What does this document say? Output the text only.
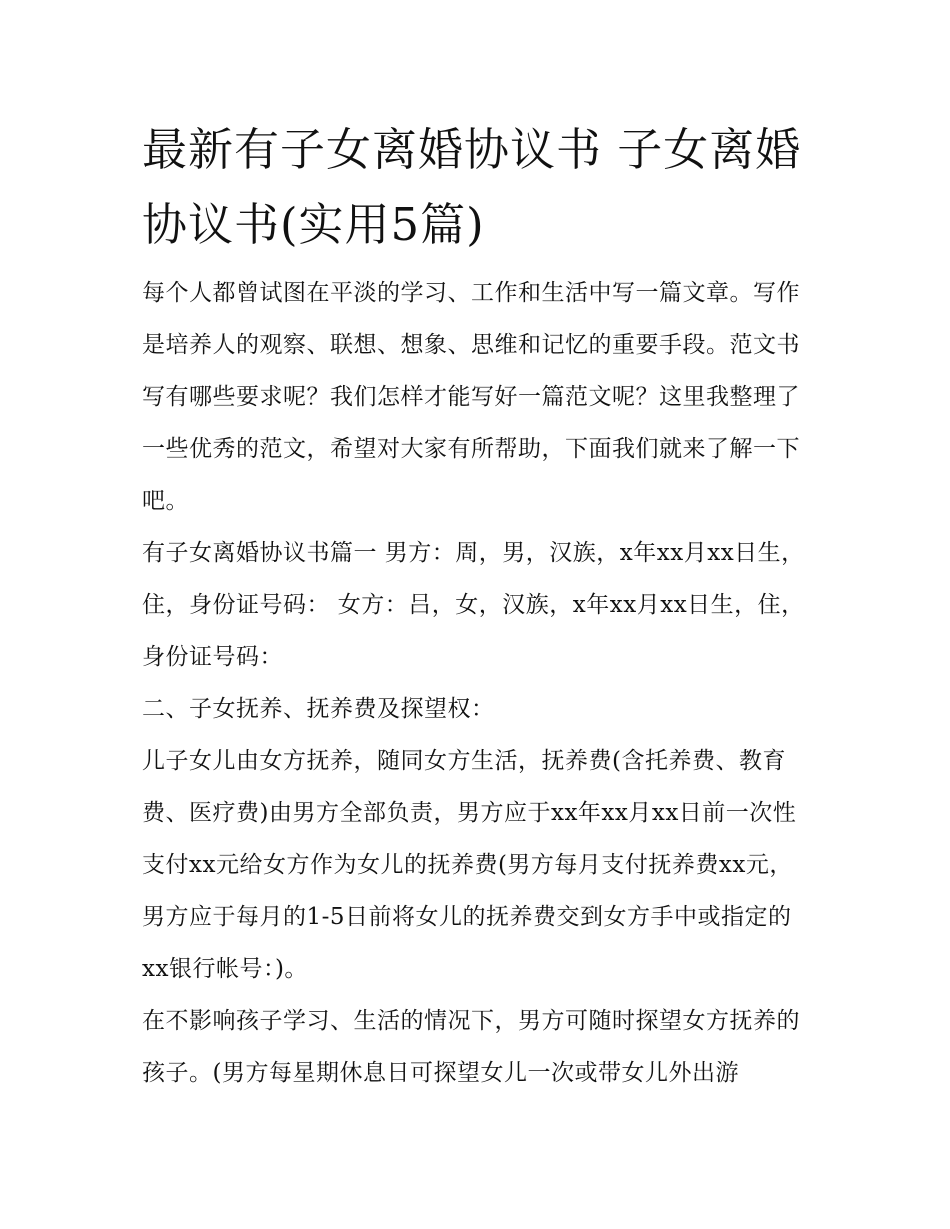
最新有子女离婚协议书 子女离婚协议书(实用5篇)

每个人都曾试图在平淡的学习、工作和生活中写一篇文章。写作是培养人的观察、联想、想象、思维和记忆的重要手段。范文书写有哪些要求呢？我们怎样才能写好一篇范文呢？这里我整理了一些优秀的范文，希望对大家有所帮助，下面我们就来了解一下吧。

有子女离婚协议书篇一 男方：周，男，汉族，x年xx月xx日生，住，身份证号码： 女方：吕，女，汉族，x年xx月xx日生，住，身份证号码：

二、子女抚养、抚养费及探望权：

儿子女儿由女方抚养，随同女方生活，抚养费(含托养费、教育费、医疗费)由男方全部负责，男方应于xx年xx月xx日前一次性支付xx元给女方作为女儿的抚养费(男方每月支付抚养费xx元，男方应于每月的1-5日前将女儿的抚养费交到女方手中或指定的xx银行帐号：)。

在不影响孩子学习、生活的情况下，男方可随时探望女方抚养的孩子。(男方每星期休息日可探望女儿一次或带女儿外出游
